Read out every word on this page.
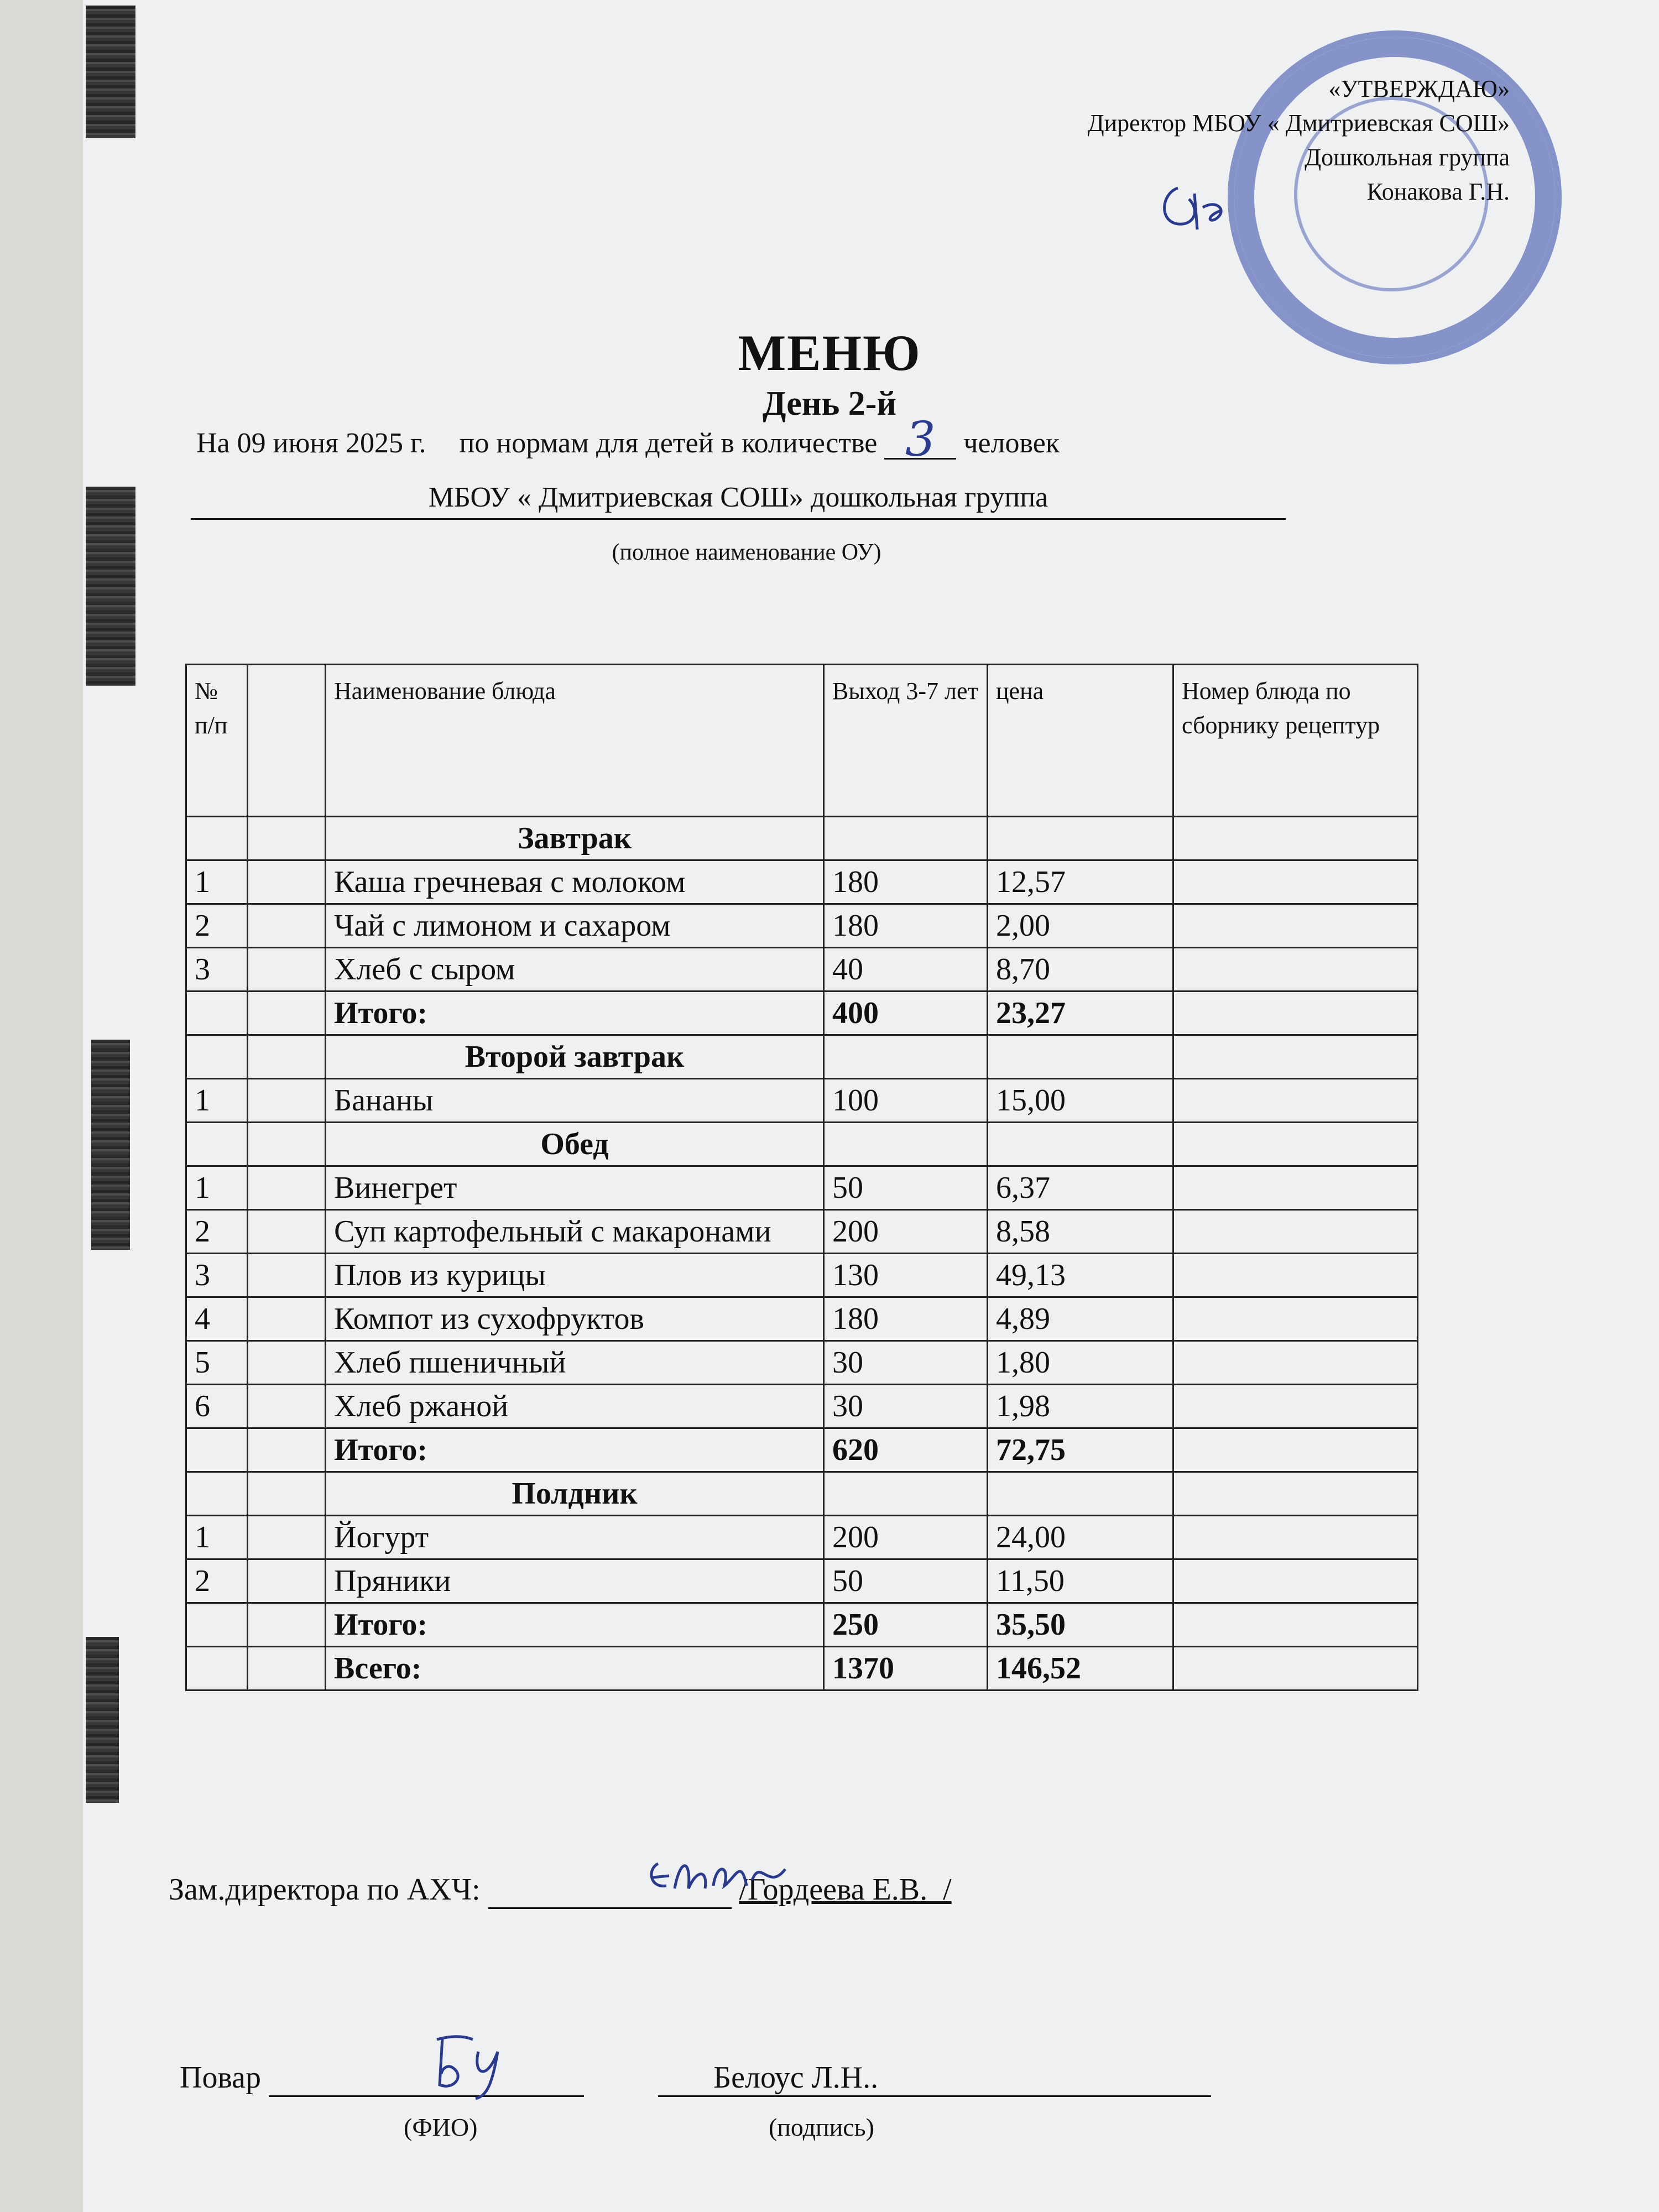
«УТВЕРЖДАЮ»
Директор МБОУ « Дмитриевская СОШ»
Дошкольная группа
Конакова Г.Н.
МЕНЮ
День 2-й
На 09 июня 2025 г. по нормам для детей в количестве 3 человек
МБОУ « Дмитриевская СОШ» дошкольная группа
(полное наименование ОУ)
№ п/п		Наименование блюда	Выход 3-7 лет	цена	Номер блюда по сборнику рецептур
		Завтрак			
1		Каша гречневая с молоком	180	12,57	
2		Чай с лимоном и сахаром	180	2,00	
3		Хлеб с сыром	40	8,70	
		Итого:	400	23,27	
		Второй завтрак			
1		Бананы	100	15,00	
		Обед			
1		Винегрет	50	6,37	
2		Суп картофельный с макаронами	200	8,58	
3		Плов из курицы	130	49,13	
4		Компот из сухофруктов	180	4,89	
5		Хлеб пшеничный	30	1,80	
6		Хлеб ржаной	30	1,98	
		Итого:	620	72,75	
		Полдник			
1		Йогурт	200	24,00	
2		Пряники	50	11,50	
		Итого:	250	35,50	
		Всего:	1370	146,52	
Зам.директора по АХЧ:	/Гордеева Е.В._/
Повар	Белоус Л.Н..
(ФИО)	(подпись)
